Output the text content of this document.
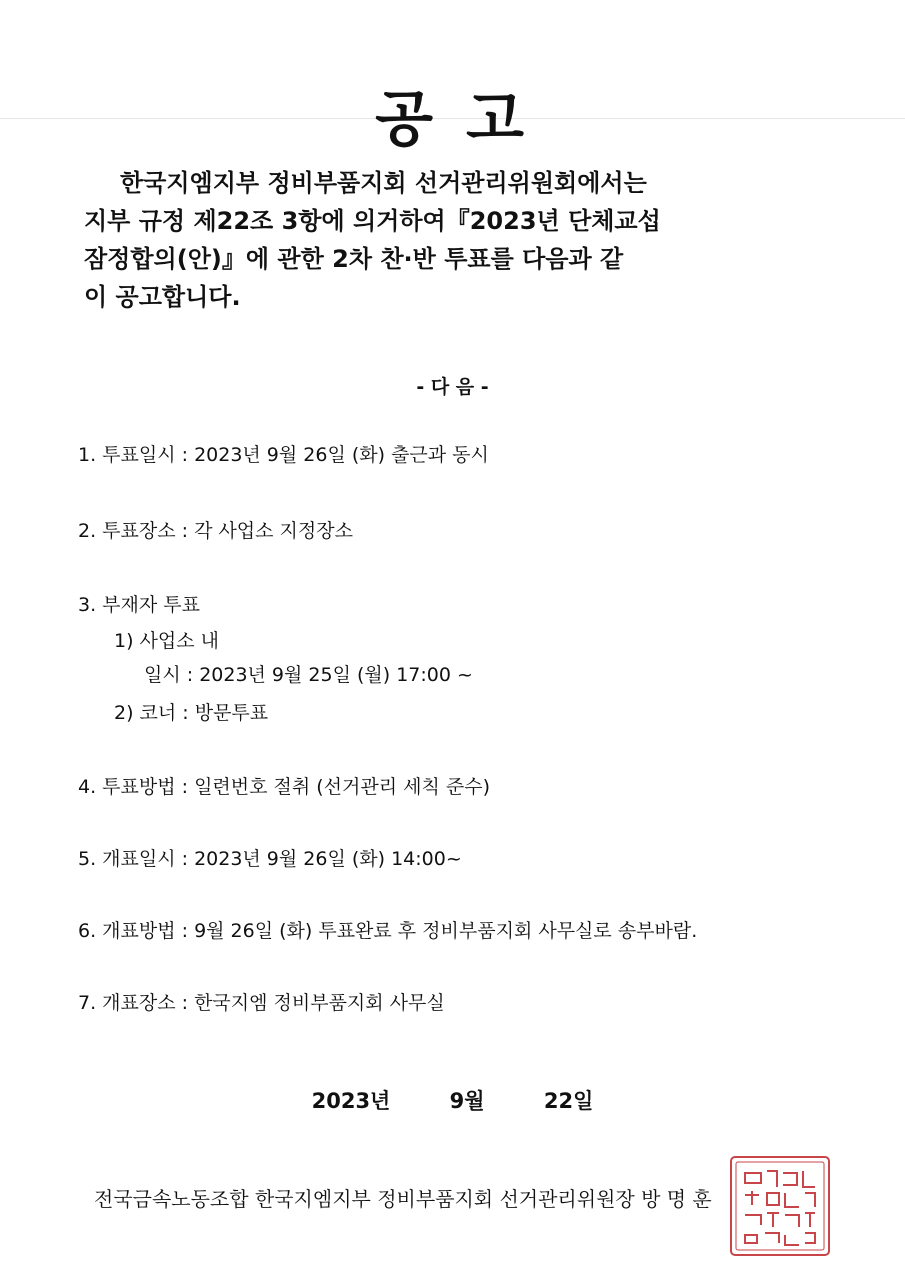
공 고
한국지엠지부 정비부품지회 선거관리위원회에서는
지부 규정 제22조 3항에 의거하여『2023년 단체교섭
잠정합의(안)』에 관한 2차 찬·반 투표를 다음과 같
이 공고합니다.
- 다 음 -
1. 투표일시 : 2023년 9월 26일 (화) 출근과 동시
2. 투표장소 : 각 사업소 지정장소
3. 부재자 투표
1) 사업소 내
일시 : 2023년 9월 25일 (월) 17:00 ~
2) 코너 : 방문투표
4. 투표방법 : 일련번호 절취 (선거관리 세칙 준수)
5. 개표일시 : 2023년 9월 26일 (화) 14:00~
6. 개표방법 : 9월 26일 (화) 투표완료 후 정비부품지회 사무실로 송부바람.
7. 개표장소 : 한국지엠 정비부품지회 사무실
2023년	9월	22일
전국금속노동조합 한국지엠지부 정비부품지회 선거관리위원장 방 명 훈
